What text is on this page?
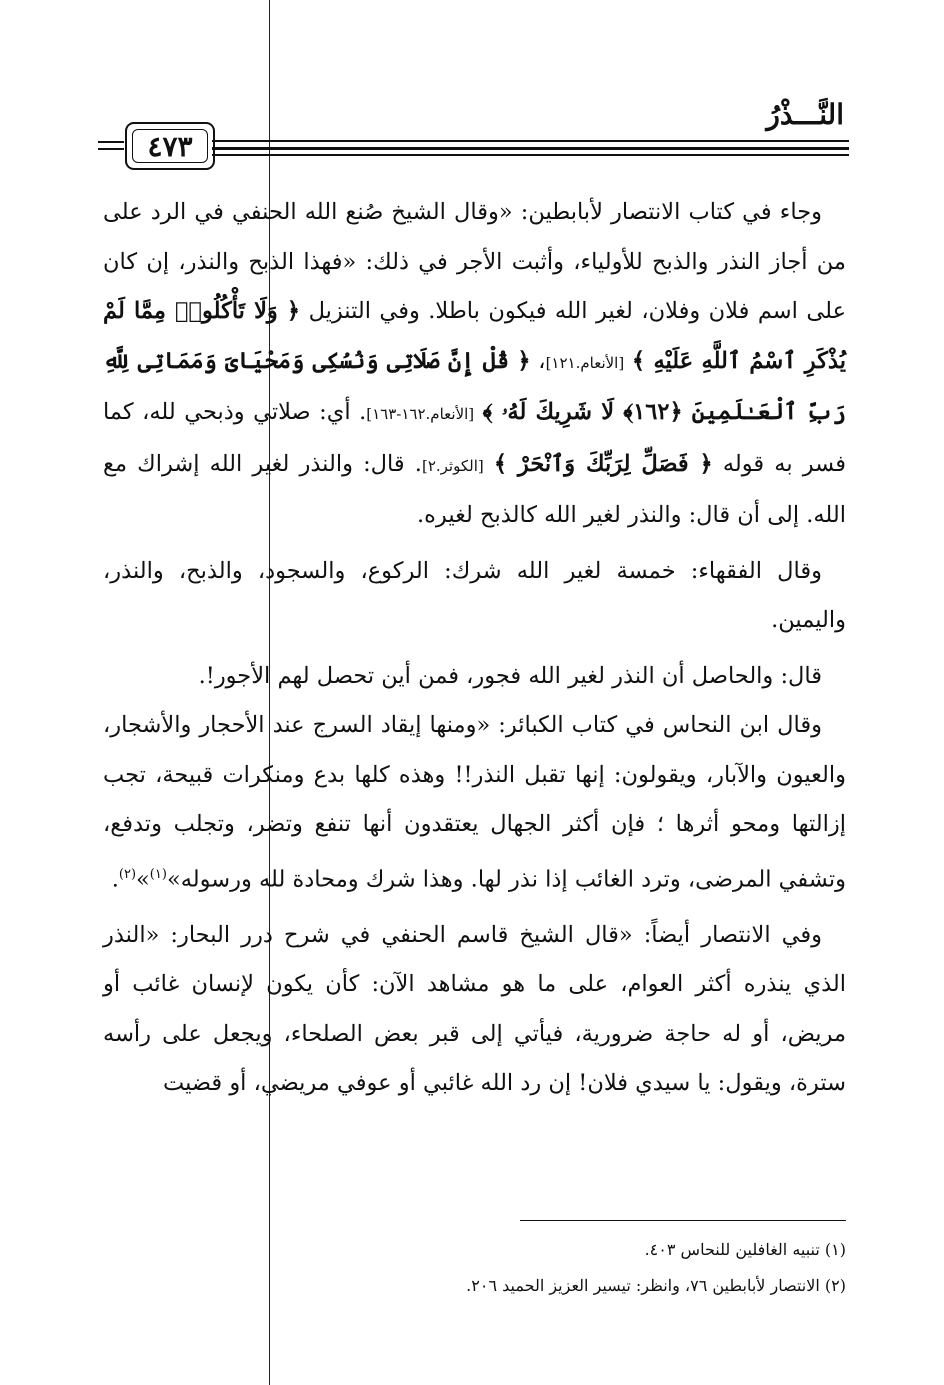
النَّـــذْرُ
٤٧٣

وجاء في كتاب الانتصار لأبابطين: «وقال الشيخ صُنع الله الحنفي في الرد على من أجاز النذر والذبح للأولياء، وأثبت الأجر في ذلك: «فهذا الذبح والنذر، إن كان على اسم فلان وفلان، لغير الله فيكون باطلا. وفي التنزيل ﴿ وَلَا تَأْكُلُوا۟ مِمَّا لَمْ يُذْكَرِ ٱسْمُ ٱللَّهِ عَلَيْهِ ﴾ [الأنعام.١٢١]، ﴿ قُلْ إِنَّ صَلَاتِى وَنُسُكِى وَمَحْيَاىَ وَمَمَاتِى لِلَّهِ رَبِّ ٱلْعَـٰلَمِينَ ﴿١٦٢﴾ لَا شَرِيكَ لَهُۥ ﴾ [الأنعام.١٦٢-١٦٣]. أي: صلاتي وذبحي لله، كما فسر به قوله ﴿ فَصَلِّ لِرَبِّكَ وَٱنْحَرْ ﴾ [الكوثر.٢]. قال: والنذر لغير الله إشراك مع الله. إلى أن قال: والنذر لغير الله كالذبح لغيره.

وقال الفقهاء: خمسة لغير الله شرك: الركوع، والسجود، والذبح، والنذر، واليمين.

قال: والحاصل أن النذر لغير الله فجور، فمن أين تحصل لهم الأجور!.

وقال ابن النحاس في كتاب الكبائر: «ومنها إيقاد السرج عند الأحجار والأشجار، والعيون والآبار، ويقولون: إنها تقبل النذر!! وهذه كلها بدع ومنكرات قبيحة، تجب إزالتها ومحو أثرها ؛ فإن أكثر الجهال يعتقدون أنها تنفع وتضر، وتجلب وتدفع، وتشفي المرضى، وترد الغائب إذا نذر لها. وهذا شرك ومحادة لله ورسوله»$^{(١)}$»$^{(٢)}$.

وفي الانتصار أيضاً: «قال الشيخ قاسم الحنفي في شرح درر البحار: «النذر الذي ينذره أكثر العوام، على ما هو مشاهد الآن: كأن يكون لإنسان غائب أو مريض، أو له حاجة ضرورية، فيأتي إلى قبر بعض الصلحاء، ويجعل على رأسه سترة، ويقول: يا سيدي فلان! إن رد الله غائبي أو عوفي مريضي، أو قضيت

(١) تنبيه الغافلين للنحاس ٤٠٣.
(٢) الانتصار لأبابطين ٧٦، وانظر: تيسير العزيز الحميد ٢٠٦.
